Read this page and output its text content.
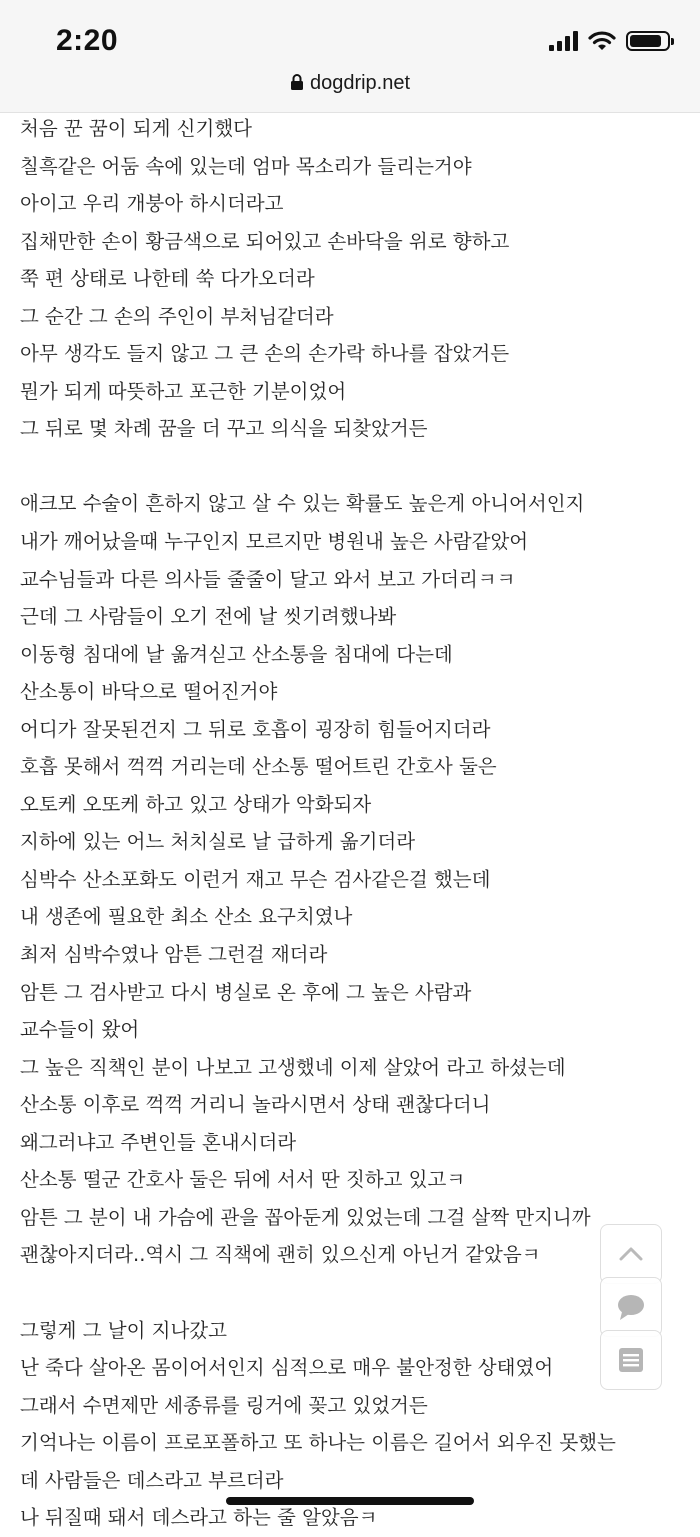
2:20
dogdrip.net
처음 꾼 꿈이 되게 신기했다
칠흑같은 어둠 속에 있는데 엄마 목소리가 들리는거야
아이고 우리 개붕아 하시더라고
집채만한 손이 황금색으로 되어있고 손바닥을 위로 향하고
쭉 편 상태로 나한테 쑥 다가오더라
그 순간 그 손의 주인이 부처님같더라
아무 생각도 들지 않고 그 큰 손의 손가락 하나를 잡았거든
뭔가 되게 따뜻하고 포근한 기분이었어
그 뒤로 몇 차례 꿈을 더 꾸고 의식을 되찾았거든
애크모 수술이 흔하지 않고 살 수 있는 확률도 높은게 아니어서인지
내가 깨어났을때 누구인지 모르지만 병원내 높은 사람같았어
교수님들과 다른 의사들 줄줄이 달고 와서 보고 가더리ㅋㅋ
근데 그 사람들이 오기 전에 날 씻기려했나봐
이동형 침대에 날 옮겨싣고 산소통을 침대에 다는데
산소통이 바닥으로 떨어진거야
어디가 잘못된건지 그 뒤로 호흡이 굉장히 힘들어지더라
호흡 못해서 꺽꺽 거리는데 산소통 떨어트린 간호사 둘은
오토케 오또케 하고 있고 상태가 악화되자
지하에 있는 어느 처치실로 날 급하게 옮기더라
심박수 산소포화도 이런거 재고 무슨 검사같은걸 했는데
내 생존에 필요한 최소 산소 요구치였나
최저 심박수였나 암튼 그런걸 재더라
암튼 그 검사받고 다시 병실로 온 후에 그 높은 사람과
교수들이 왔어
그 높은 직책인 분이 나보고 고생했네 이제 살았어 라고 하셨는데
산소통 이후로 꺽꺽 거리니 놀라시면서 상태 괜찮다더니
왜그러냐고 주변인들 혼내시더라
산소통 떨군 간호사 둘은 뒤에 서서 딴 짓하고 있고ㅋ
암튼 그 분이 내 가슴에 관을 꼽아둔게 있었는데 그걸 살짝 만지니까
괜찮아지더라..역시 그 직책에 괜히 있으신게 아닌거 같았음ㅋ
그렇게 그 날이 지나갔고
난 죽다 살아온 몸이어서인지 심적으로 매우 불안정한 상태였어
그래서 수면제만 세종류를 링거에 꽂고 있었거든
기억나는 이름이 프로포폴하고 또 하나는 이름은 길어서 외우진 못했는
데 사람들은 데스라고 부르더라
나 뒤질때 돼서 데스라고 하는 줄 알았음ㅋ
